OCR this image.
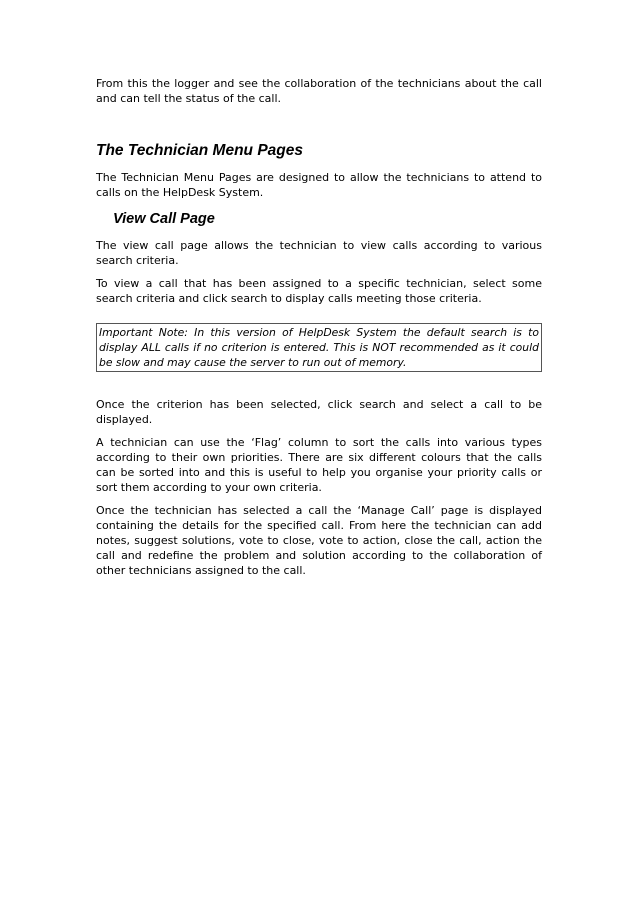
From this the logger and see the collaboration of the technicians about the call and can tell the status of the call.

The Technician Menu Pages

The Technician Menu Pages are designed to allow the technicians to attend to calls on the HelpDesk System.

View Call Page

The view call page allows the technician to view calls according to various search criteria.

To view a call that has been assigned to a specific technician, select some search criteria and click search to display calls meeting those criteria.

Important Note: In this version of HelpDesk System the default search is to display ALL calls if no criterion is entered. This is NOT recommended as it could be slow and may cause the server to run out of memory.

Once the criterion has been selected, click search and select a call to be displayed.

A technician can use the ‘Flag’ column to sort the calls into various types according to their own priorities. There are six different colours that the calls can be sorted into and this is useful to help you organise your priority calls or sort them according to your own criteria.

Once the technician has selected a call the ‘Manage Call’ page is displayed containing the details for the specified call. From here the technician can add notes, suggest solutions, vote to close, vote to action, close the call, action the call and redefine the problem and solution according to the collaboration of other technicians assigned to the call.
